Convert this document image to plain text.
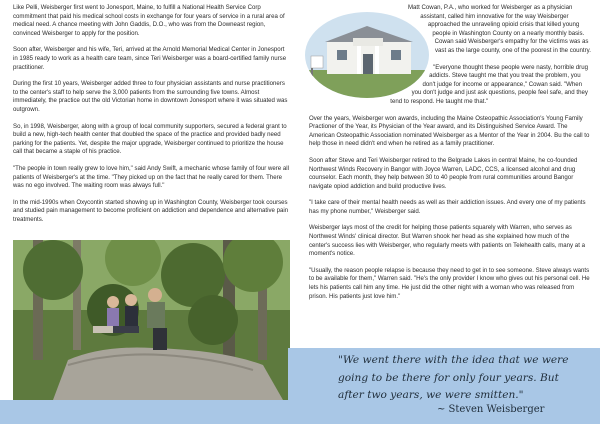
Like Pelli, Weisberger first went to Jonesport, Maine, to fulfill a National Health Service Corp commitment that paid his medical school costs in exchange for four years of service in a rural area of medical need. A chance meeting with John Gaddis, D.O., who was from the Downeast region, convinced Weisberger to apply for the position.

Soon after, Weisberger and his wife, Teri, arrived at the Arnold Memorial Medical Center in Jonesport in 1985 ready to work as a health care team, since Teri Weisberger was a board-certified family nurse practitioner.

During the first 10 years, Weisberger added three to four physician assistants and nurse practitioners to the center's staff to help serve the 3,000 patients from the surrounding five towns. Almost immediately, the practice out the old Victorian home in downtown Jonesport where it was situated was outgrown.

So, in 1998, Weisberger, along with a group of local community supporters, secured a federal grant to build a new, high-tech health center that doubled the space of the practice and provided badly need parking for the patients. Yet, despite the major upgrade, Weisberger continued to prioritize the house call that became a staple of his practice.

"The people in town really grew to love him," said Andy Swift, a mechanic whose family of four were all patients of Weisberger's at the time. "They picked up on the fact that he really cared for them. There was no ego involved. The waiting room was always full."

In the mid-1990s when Oxycontin started showing up in Washington County, Weisberger took courses and studied pain management to become proficient on addiction and dependence and alternative pain treatments.

Matt Cowan, P.A., who worked for Weisberger as a physician assistant, called him innovative for the way Weisberger approached the unraveling opioid crisis that killed young people in Washington County on a nearly monthly basis. Cowan said Weisberger's empathy for the victims was as vast as the large county, one of the poorest in the country.

"Everyone thought these people were nasty, horrible drug addicts. Steve taught me that you treat the problem, you don't judge for income or appearance," Cowan said. "When you don't judge and just ask questions, people feel safe, and they tend to respond. He taught me that."

Over the years, Weisberger won awards, including the Maine Osteopathic Association's Young Family Practioner of the Year, its Physician of the Year award, and its Distinguished Service Award. The American Osteopathic Association nominated Weisberger as a Mentor of the Year in 2004. Bu the call to help those in need didn't end when he retired as a family practitioner.

Soon after Steve and Teri Weisberger retired to the Belgrade Lakes in central Maine, he co-founded Northwest Winds Recovery in Bangor with Joyce Warren, LADC, CCS, a licensed alcohol and drug counselor. Each month, they help between 30 to 40 people from rural communities around Bangor navigate opiod addiction and build productive lives.

"I take care of their mental health needs as well as their addiction issues. And every one of my patients has my phone number," Weisberger said.

Weisberger lays most of the credit for helping those patients squarely with Warren, who serves as Northwest Winds' clinical director. But Warren shook her head as she explained how much of the center's success lies with Weisberger, who regularly meets with patients on Telehealth calls, many at a moment's notice.

"Usually, the reason people relapse is because they need to get in to see someone. Steve always wants to be available for them," Warren said. "He's the only provider I know who gives out his personal cell. He lets his patients call him any time. He just did the other night with a woman who was released from prison. His patients just love him."

"We went there with the idea that we were going to be there for only four years. But after two years, we were smitten."
~ Steven Weisberger
